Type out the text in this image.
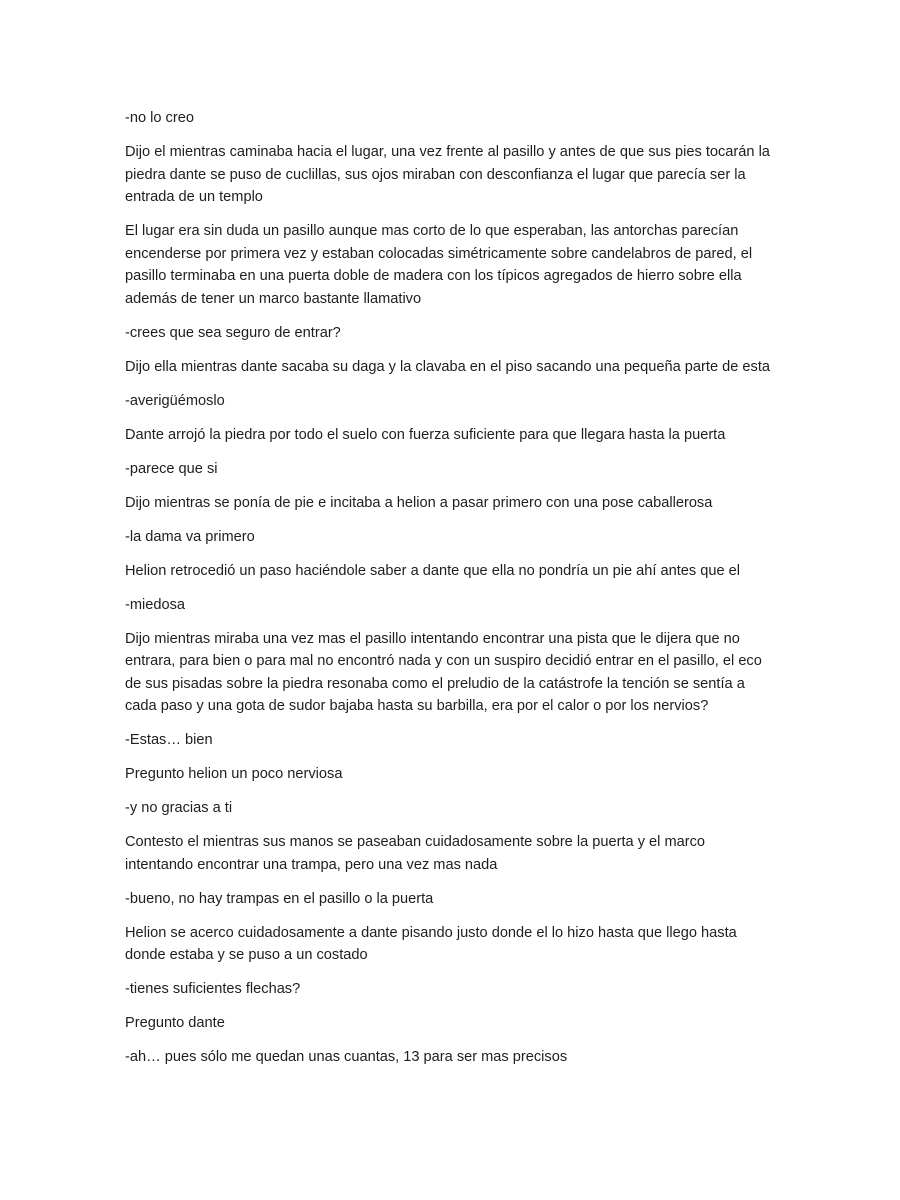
-no lo creo

Dijo el mientras caminaba hacia el lugar, una vez frente al pasillo y antes de que sus pies tocarán la piedra dante se puso de cuclillas, sus ojos miraban con desconfianza el lugar que parecía ser la entrada de un templo

El lugar era sin duda un pasillo aunque mas corto de lo que esperaban, las antorchas parecían encenderse por primera vez y estaban colocadas simétricamente sobre candelabros de pared, el pasillo terminaba en una puerta doble de madera con los típicos agregados de hierro sobre ella además de tener un marco bastante llamativo

-crees que sea seguro de entrar?

Dijo ella mientras dante sacaba su daga y la clavaba en el piso sacando una pequeña parte de esta

-averigüémoslo

Dante arrojó la piedra por todo el suelo con fuerza suficiente para que llegara hasta la puerta

-parece que si

Dijo mientras se ponía de pie e incitaba a helion a pasar primero con una pose caballerosa

-la dama va primero

Helion retrocedió un paso haciéndole saber a dante que ella no pondría un pie ahí antes que el

-miedosa

Dijo mientras miraba una vez mas el pasillo intentando encontrar una pista que le dijera que no entrara, para bien o para mal no encontró nada y con un suspiro decidió entrar en el pasillo, el eco de sus pisadas sobre la piedra resonaba como el preludio de la catástrofe la tención se sentía a cada paso y una gota de sudor bajaba hasta su barbilla, era por el calor o por los nervios?

-Estas… bien

Pregunto helion un poco nerviosa

-y no gracias a ti

Contesto el mientras sus manos se paseaban cuidadosamente sobre la puerta y el marco intentando encontrar una trampa, pero una vez mas nada

-bueno, no hay trampas en el pasillo o la puerta

Helion se acerco cuidadosamente a dante pisando justo donde el lo hizo hasta que llego hasta donde estaba y se puso a un costado

-tienes suficientes flechas?

Pregunto dante

-ah… pues sólo me quedan unas cuantas, 13 para ser mas precisos
